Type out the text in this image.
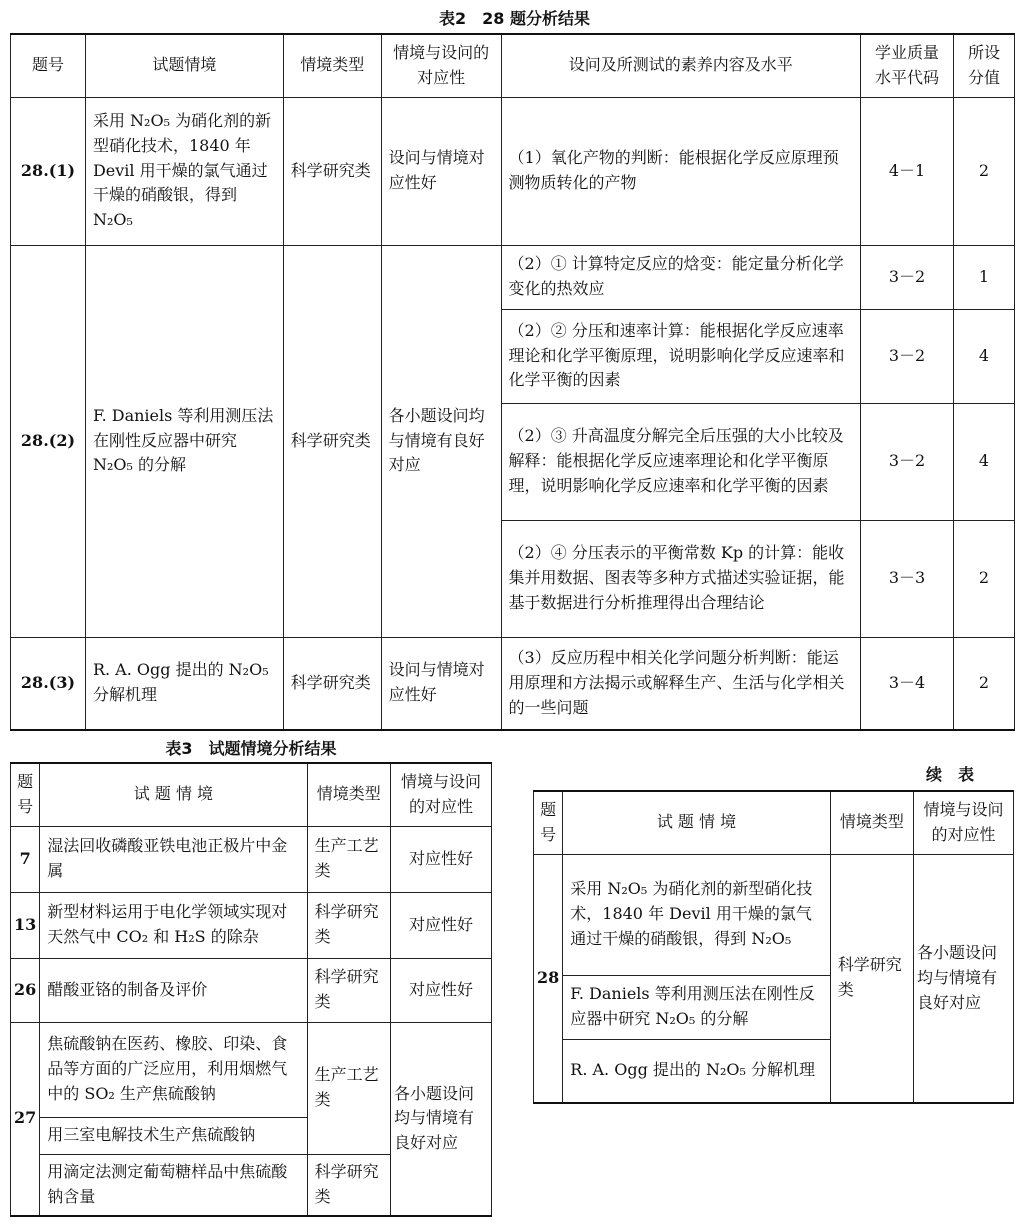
表2　28 题分析结果
题号	试题情境	情境类型	情境与设问的对应性	设问及所测试的素养内容及水平	学业质量水平代码	所设分值
28.(1)	采用 N₂O₅ 为硝化剂的新型硝化技术，1840 年 Devil 用干燥的氯气通过干燥的硝酸银，得到 N₂O₅	科学研究类	设问与情境对应性好	（1）氧化产物的判断：能根据化学反应原理预测物质转化的产物	4－1	2
28.(2)	F. Daniels 等利用测压法在刚性反应器中研究 N₂O₅ 的分解	科学研究类	各小题设问均与情境有良好对应	（2）① 计算特定反应的焓变：能定量分析化学变化的热效应	3－2	1
				（2）② 分压和速率计算：能根据化学反应速率理论和化学平衡原理，说明影响化学反应速率和化学平衡的因素	3－2	4
				（2）③ 升高温度分解完全后压强的大小比较及解释：能根据化学反应速率理论和化学平衡原理，说明影响化学反应速率和化学平衡的因素	3－2	4
				（2）④ 分压表示的平衡常数 Kp 的计算：能收集并用数据、图表等多种方式描述实验证据，能基于数据进行分析推理得出合理结论	3－3	2
28.(3)	R. A. Ogg 提出的 N₂O₅ 分解机理	科学研究类	设问与情境对应性好	（3）反应历程中相关化学问题分析判断：能运用原理和方法揭示或解释生产、生活与化学相关的一些问题	3－4	2
表3　试题情境分析结果
题号	试 题 情 境	情境类型	情境与设问的对应性
7	湿法回收磷酸亚铁电池正极片中金属	生产工艺类	对应性好
13	新型材料运用于电化学领域实现对天然气中 CO₂ 和 H₂S 的除杂	科学研究类	对应性好
26	醋酸亚铬的制备及评价	科学研究类	对应性好
27	焦硫酸钠在医药、橡胶、印染、食品等方面的广泛应用，利用烟燃气中的 SO₂ 生产焦硫酸钠	生产工艺类	各小题设问均与情境有良好对应
	用三室电解技术生产焦硫酸钠		
	用滴定法测定葡萄糖样品中焦硫酸钠含量	科学研究类	
续　表
题号	试 题 情 境	情境类型	情境与设问的对应性
28	采用 N₂O₅ 为硝化剂的新型硝化技术，1840 年 Devil 用干燥的氯气通过干燥的硝酸银，得到 N₂O₅	科学研究类	各小题设问均与情境有良好对应
	F. Daniels 等利用测压法在刚性反应器中研究 N₂O₅ 的分解		
	R. A. Ogg 提出的 N₂O₅ 分解机理		
